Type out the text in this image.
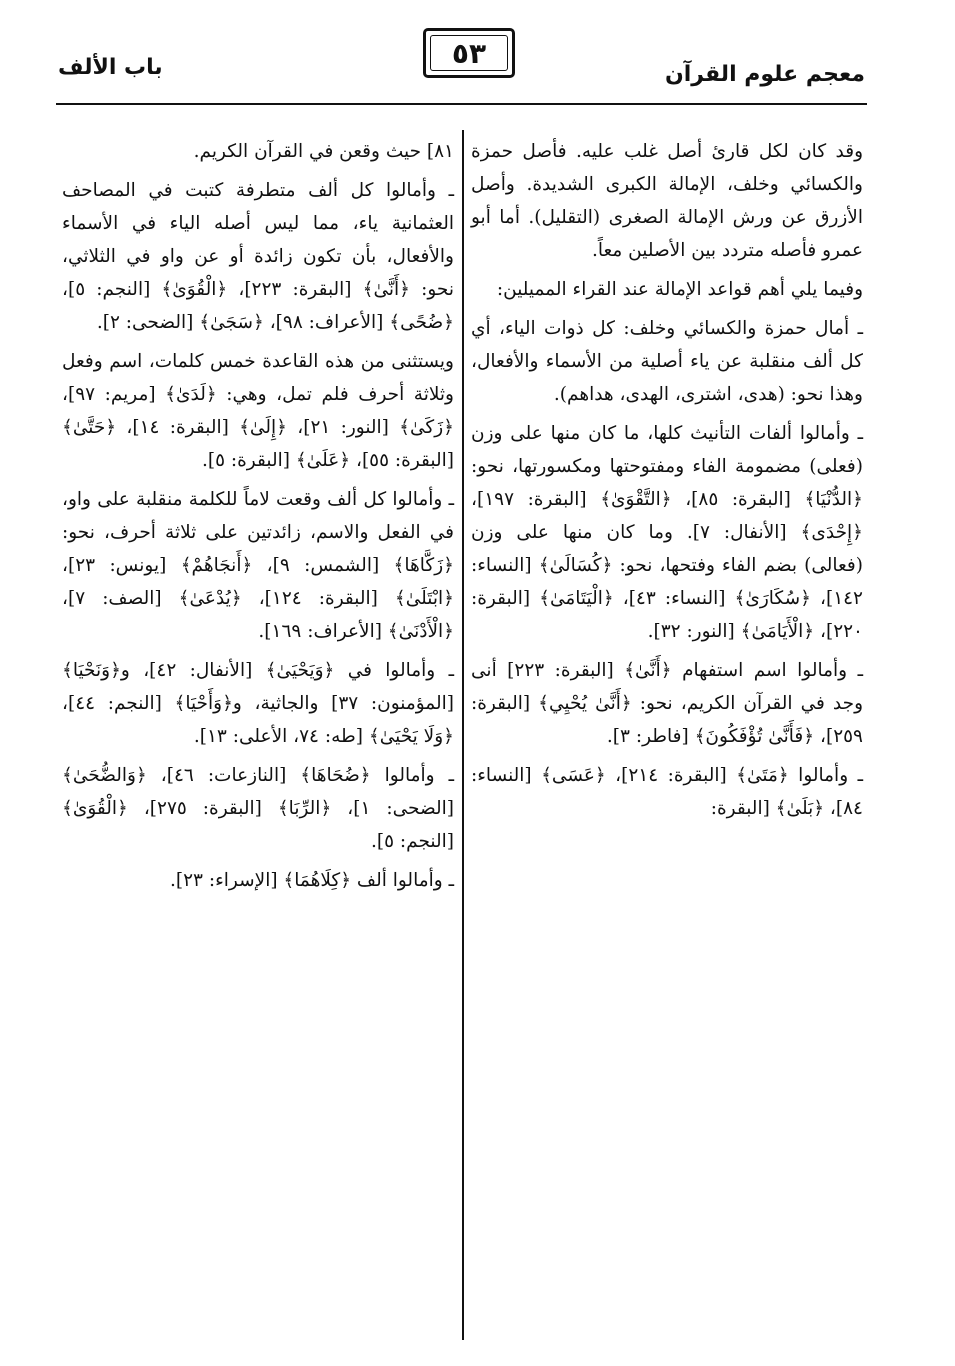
معجم علوم القرآن
٥٣
باب الألف

وقد كان لكل قارئ أصل غلب عليه. فأصل حمزة والكسائي وخلف، الإمالة الكبرى الشديدة. وأصل الأزرق عن ورش الإمالة الصغرى (التقليل). أما أبو عمرو فأصله متردد بين الأصلين معاً.

وفيما يلي أهم قواعد الإمالة عند القراء المميلين:

ـ أمال حمزة والكسائي وخلف: كل ذوات الياء، أي كل ألف منقلبة عن ياء أصلية من الأسماء والأفعال، وهذا نحو: (هدى، اشترى، الهدى، هداهم).

ـ وأمالوا ألفات التأنيث كلها، ما كان منها على وزن (فعلى) مضمومة الفاء ومفتوحتها ومكسورتها، نحو: ﴿الدُّنْيَا﴾ [البقرة: ٨٥]، ﴿التَّقْوَىٰ﴾ [البقرة: ١٩٧]، ﴿إِحْدَى﴾ [الأنفال: ٧]. وما كان منها على وزن (فعالى) بضم الفاء وفتحها، نحو: ﴿كُسَالَىٰ﴾ [النساء: ١٤٢]، ﴿سُكَارَىٰ﴾ [النساء: ٤٣]، ﴿الْيَتَامَىٰ﴾ [البقرة: ٢٢٠]، ﴿الْأَيَامَىٰ﴾ [النور: ٣٢].

ـ وأمالوا اسم استفهام ﴿أَنَّىٰ﴾ [البقرة: ٢٢٣] أنى وجد في القرآن الكريم، نحو: ﴿أَنَّىٰ يُحْيِي﴾ [البقرة: ٢٥٩]، ﴿فَأَنَّىٰ تُؤْفَكُونَ﴾ [فاطر: ٣].

ـ وأمالوا ﴿مَتَىٰ﴾ [البقرة: ٢١٤]، ﴿عَسَى﴾ [النساء: ٨٤]، ﴿بَلَىٰ﴾ [البقرة:

٨١] حيث وقعن في القرآن الكريم.

ـ وأمالوا كل ألف متطرفة كتبت في المصاحف العثمانية ياء، مما ليس أصله الياء في الأسماء والأفعال، بأن تكون زائدة أو عن واو في الثلاثي، نحو: ﴿أَنَّىٰ﴾ [البقرة: ٢٢٣]، ﴿الْقُوَىٰ﴾ [النجم: ٥]، ﴿ضُحًى﴾ [الأعراف: ٩٨]، ﴿سَجَىٰ﴾ [الضحى: ٢].

ويستثنى من هذه القاعدة خمس كلمات، اسم وفعل وثلاثة أحرف فلم تمل، وهي: ﴿لَدَىٰ﴾ [مريم: ٩٧]، ﴿زَكَىٰ﴾ [النور: ٢١]، ﴿إِلَىٰ﴾ [البقرة: ١٤]، ﴿حَتَّىٰ﴾ [البقرة: ٥٥]، ﴿عَلَىٰ﴾ [البقرة: ٥].

ـ وأمالوا كل ألف وقعت لاماً للكلمة منقلبة على واو، في الفعل والاسم، زائدتين على ثلاثة أحرف، نحو: ﴿زَكَّاهَا﴾ [الشمس: ٩]، ﴿أَنجَاهُمْ﴾ [يونس: ٢٣]، ﴿ابْتَلَىٰ﴾ [البقرة: ١٢٤]، ﴿يُدْعَىٰ﴾ [الصف: ٧]، ﴿الْأَدْنَىٰ﴾ [الأعراف: ١٦٩].

ـ وأمالوا في ﴿وَيَحْيَىٰ﴾ [الأنفال: ٤٢]، و﴿وَنَحْيَا﴾ [المؤمنون: ٣٧] والجاثية، و﴿وَأَحْيَا﴾ [النجم: ٤٤]، ﴿وَلَا يَحْيَىٰ﴾ [طه: ٧٤، الأعلى: ١٣].

ـ وأمالوا ﴿ضُحَاهَا﴾ [النازعات: ٤٦]، ﴿وَالضُّحَىٰ﴾ [الضحى: ١]، ﴿الرِّبَا﴾ [البقرة: ٢٧٥]، ﴿الْقُوَىٰ﴾ [النجم: ٥].

ـ وأمالوا ألف ﴿كِلَاهُمَا﴾ [الإسراء: ٢٣].
